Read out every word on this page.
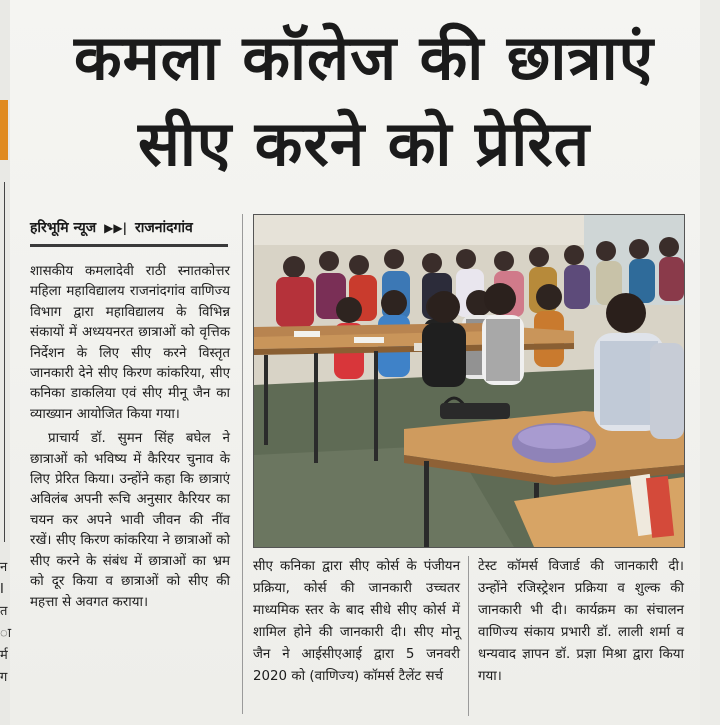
न
I
त
ा
र्म
ग
कमला कॉलेज की छात्राएं
सीए करने को प्रेरित
हरिभूमि न्यूज ▶▶| राजनांदगांव

शासकीय कमलादेवी राठी स्नातकोत्तर महिला महाविद्यालय राजनांदगांव वाणिज्य विभाग द्वारा महाविद्यालय के विभिन्न संकायों में अध्ययनरत छात्राओं को वृत्तिक निर्देशन के लिए सीए करने विस्तृत जानकारी देने सीए किरण कांकरिया, सीए कनिका डाकलिया एवं सीए मीनू जैन का व्याख्यान आयोजित किया गया।

प्राचार्य डॉ. सुमन सिंह बघेल ने छात्राओं को भविष्य में कैरियर चुनाव के लिए प्रेरित किया। उन्होंने कहा कि छात्राएं अविलंब अपनी रूचि अनुसार कैरियर का चयन कर अपने भावी जीवन की नींव रखें। सीए किरण कांकरिया ने छात्राओं को सीए करने के संबंध में छात्राओं का भ्रम को दूर किया व छात्राओं को सीए की महत्ता से अवगत कराया।

सीए कनिका द्वारा सीए कोर्स के पंजीयन प्रक्रिया, कोर्स की जानकारी उच्चतर माध्यमिक स्तर के बाद सीधे सीए कोर्स में शामिल होने की जानकारी दी। सीए मोनू जैन ने आईसीएआई द्वारा 5 जनवरी 2020 को (वाणिज्य) कॉमर्स टैलेंट सर्च
टेस्ट कॉमर्स विजार्ड की जानकारी दी। उन्होंने रजिस्ट्रेशन प्रक्रिया व शुल्क की जानकारी भी दी। कार्यक्रम का संचालन वाणिज्य संकाय प्रभारी डॉ. लाली शर्मा व धन्यवाद ज्ञापन डॉ. प्रज्ञा मिश्रा द्वारा किया गया।
